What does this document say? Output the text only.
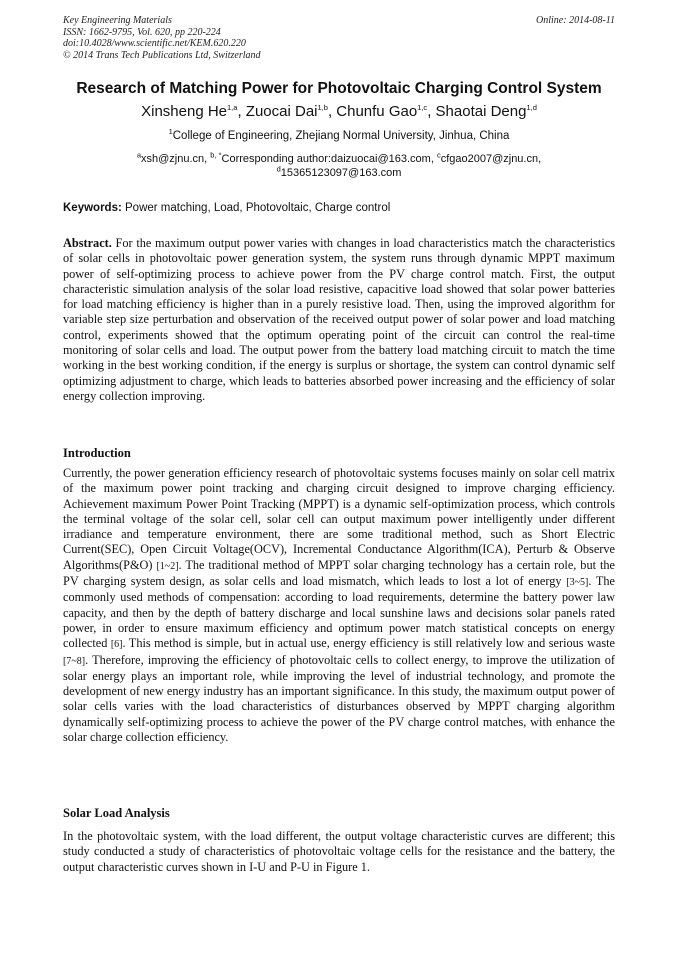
Key Engineering Materials
ISSN: 1662-9795, Vol. 620, pp 220-224
doi:10.4028/www.scientific.net/KEM.620.220
© 2014 Trans Tech Publications Ltd, Switzerland
Online: 2014-08-11
Research of Matching Power for Photovoltaic Charging Control System
Xinsheng He$^{1,a}$, Zuocai Dai$^{1,b}$, Chunfu Gao$^{1,c}$, Shaotai Deng$^{1,d}$
$^1$College of Engineering, Zhejiang Normal University, Jinhua, China
$^a$xsh@zjnu.cn, $^{b, *}$Corresponding author:daizuocai@163.com, $^c$cfgao2007@zjnu.cn,
$^d$15365123097@163.com
Keywords: Power matching, Load, Photovoltaic, Charge control

Abstract. For the maximum output power varies with changes in load characteristics match the characteristics of solar cells in photovoltaic power generation system, the system runs through dynamic MPPT maximum power of self-optimizing process to achieve power from the PV charge control match. First, the output characteristic simulation analysis of the solar load resistive, capacitive load showed that solar power batteries for load matching efficiency is higher than in a purely resistive load. Then, using the improved algorithm for variable step size perturbation and observation of the received output power of solar power and load matching control, experiments showed that the optimum operating point of the circuit can control the real-time monitoring of solar cells and load. The output power from the battery load matching circuit to match the time working in the best working condition, if the energy is surplus or shortage, the system can control dynamic self optimizing adjustment to charge, which leads to batteries absorbed power increasing and the efficiency of solar energy collection improving.

Introduction

Currently, the power generation efficiency research of photovoltaic systems focuses mainly on solar cell matrix of the maximum power point tracking and charging circuit designed to improve charging efficiency. Achievement maximum Power Point Tracking (MPPT) is a dynamic self-optimization process, which controls the terminal voltage of the solar cell, solar cell can output maximum power intelligently under different irradiance and temperature environment, there are some traditional method, such as Short Electric Current(SEC), Open Circuit Voltage(OCV), Incremental Conductance Algorithm(ICA), Perturb & Observe Algorithms(P&O) [1~2]. The traditional method of MPPT solar charging technology has a certain role, but the PV charging system design, as solar cells and load mismatch, which leads to lost a lot of energy [3~5]. The commonly used methods of compensation: according to load requirements, determine the battery power law capacity, and then by the depth of battery discharge and local sunshine laws and decisions solar panels rated power, in order to ensure maximum efficiency and optimum power match statistical concepts on energy collected [6]. This method is simple, but in actual use, energy efficiency is still relatively low and serious waste [7~8]. Therefore, improving the efficiency of photovoltaic cells to collect energy, to improve the utilization of solar energy plays an important role, while improving the level of industrial technology, and promote the development of new energy industry has an important significance. In this study, the maximum output power of solar cells varies with the load characteristics of disturbances observed by MPPT charging algorithm dynamically self-optimizing process to achieve the power of the PV charge control matches, with enhance the solar charge collection efficiency.

Solar Load Analysis

In the photovoltaic system, with the load different, the output voltage characteristic curves are different; this study conducted a study of characteristics of photovoltaic voltage cells for the resistance and the battery, the output characteristic curves shown in I-U and P-U in Figure 1.
